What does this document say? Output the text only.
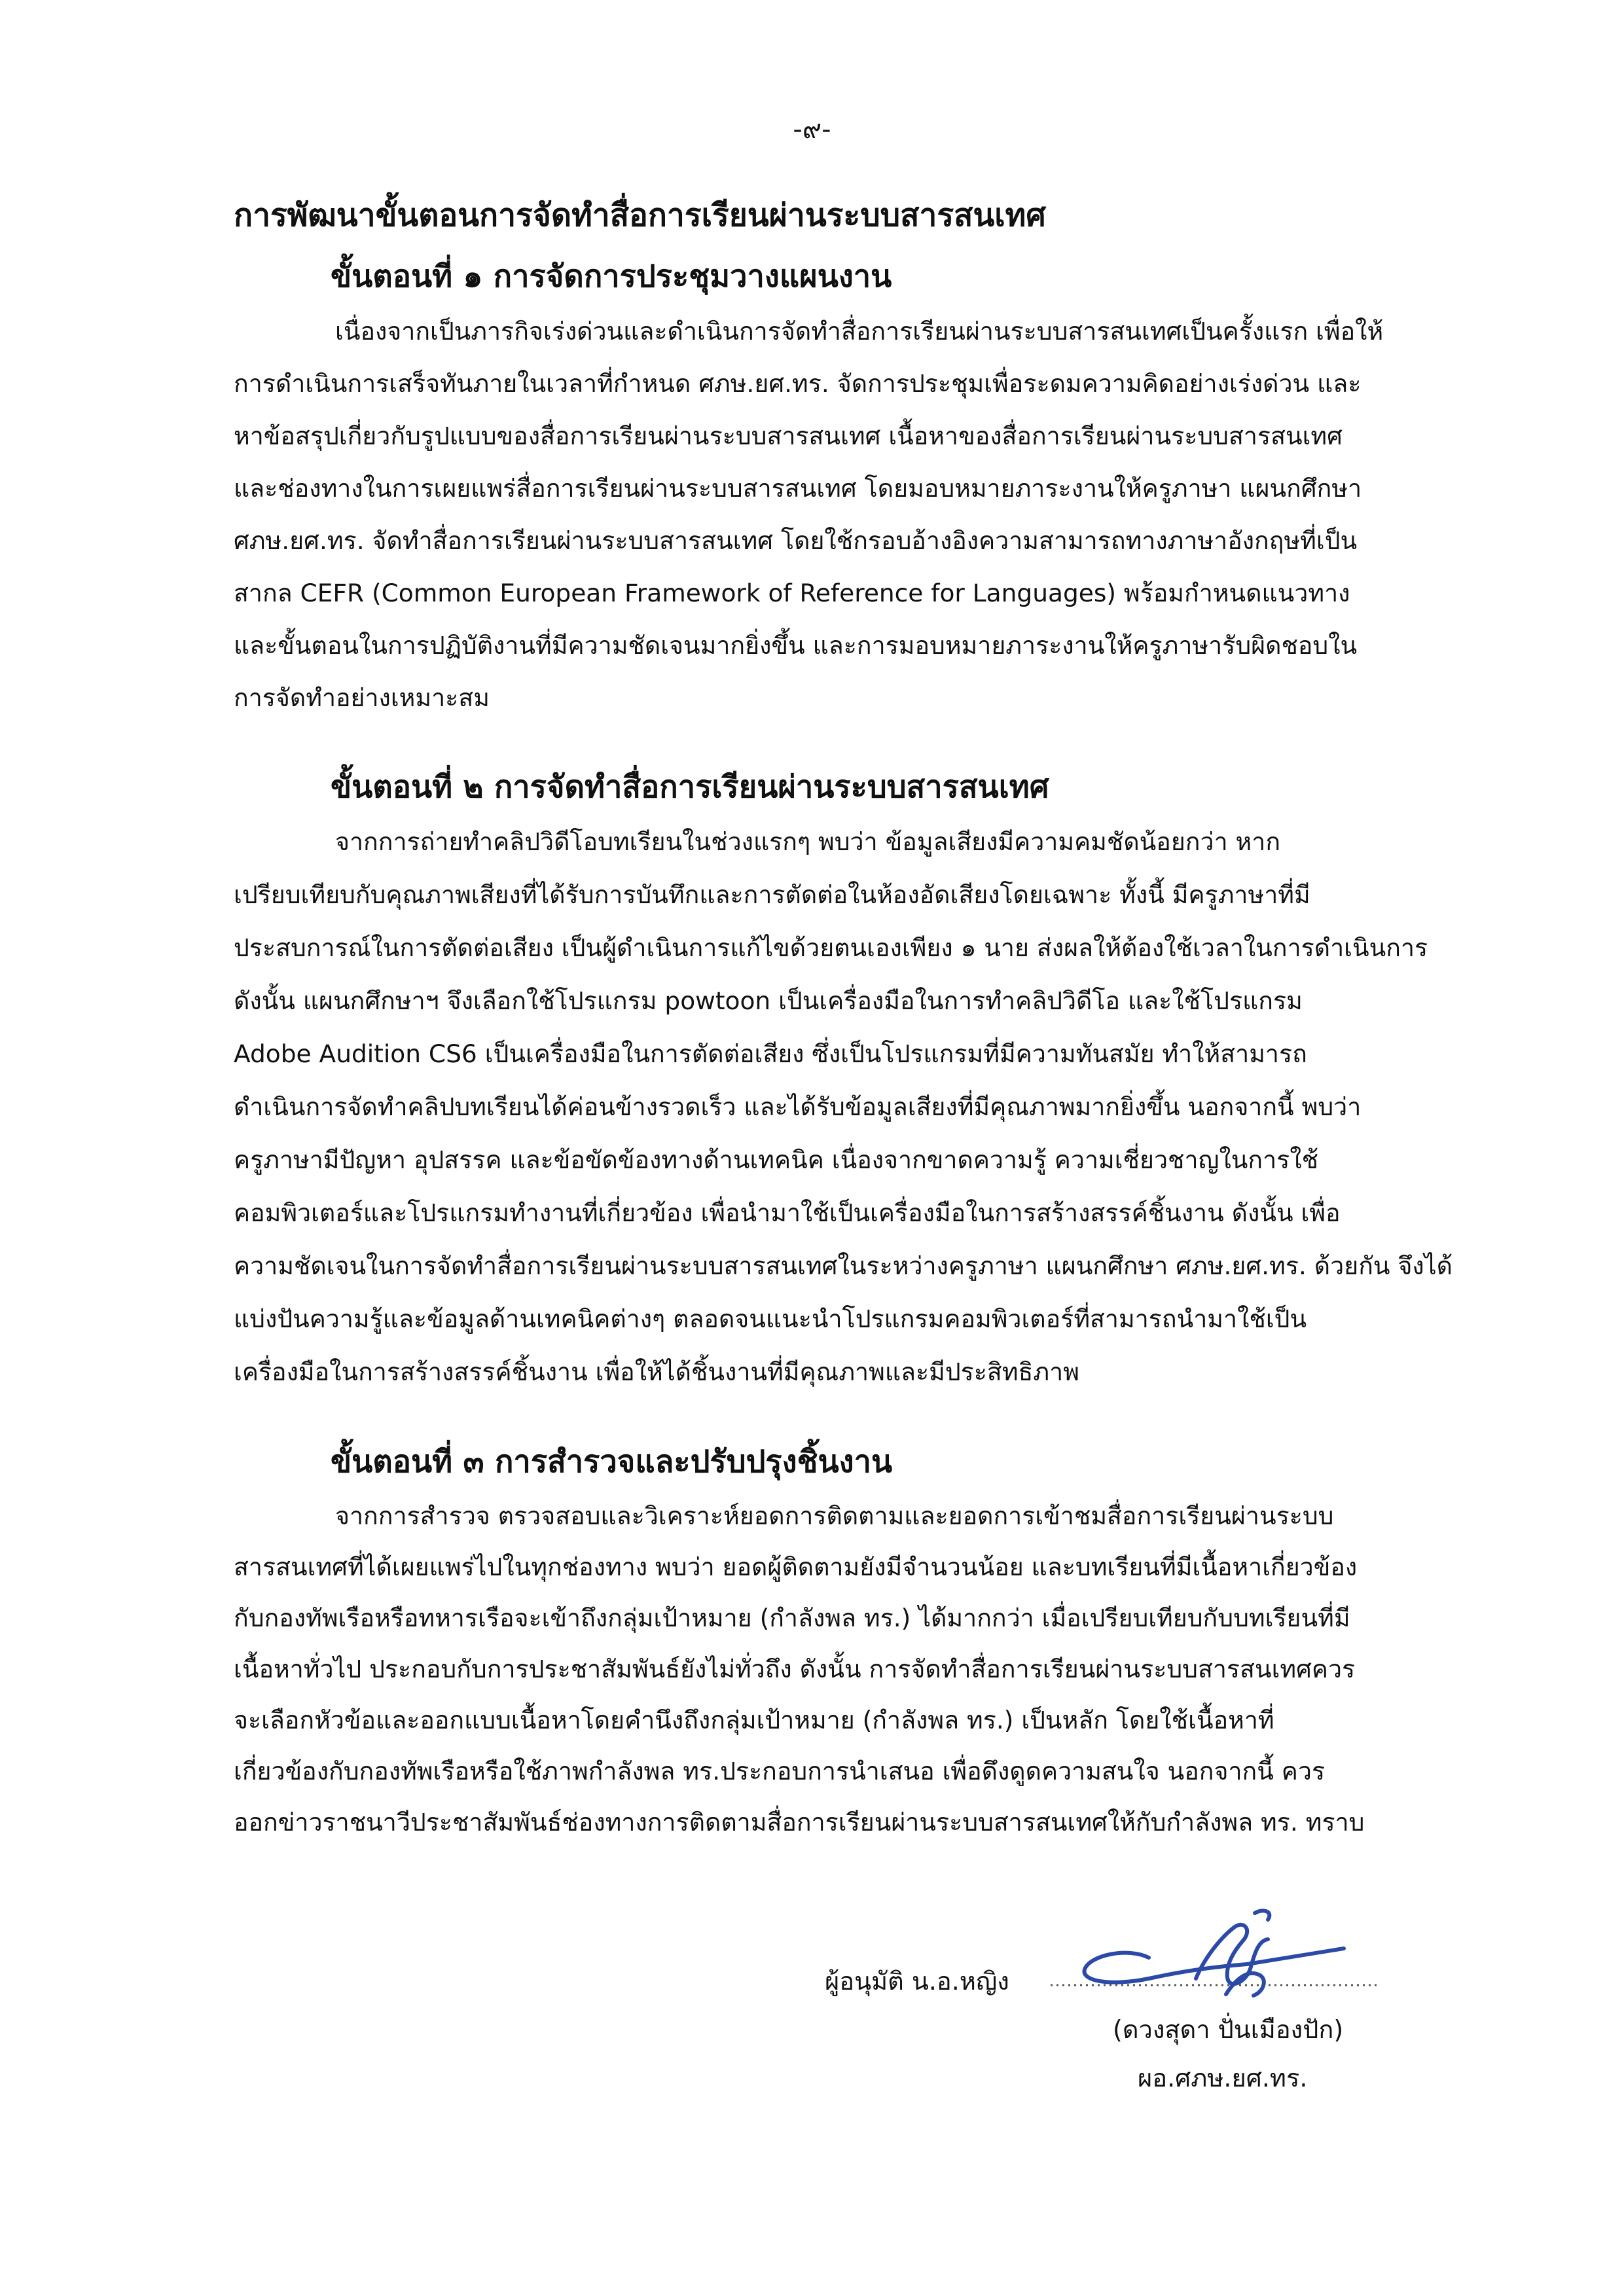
-๙-
การพัฒนาขั้นตอนการจัดทำสื่อการเรียนผ่านระบบสารสนเทศ
ขั้นตอนที่ ๑ การจัดการประชุมวางแผนงาน
เนื่องจากเป็นภารกิจเร่งด่วนและดำเนินการจัดทำสื่อการเรียนผ่านระบบสารสนเทศเป็นครั้งแรก เพื่อให้
การดำเนินการเสร็จทันภายในเวลาที่กำหนด ศภษ.ยศ.ทร. จัดการประชุมเพื่อระดมความคิดอย่างเร่งด่วน และ
หาข้อสรุปเกี่ยวกับรูปแบบของสื่อการเรียนผ่านระบบสารสนเทศ เนื้อหาของสื่อการเรียนผ่านระบบสารสนเทศ
และช่องทางในการเผยแพร่สื่อการเรียนผ่านระบบสารสนเทศ โดยมอบหมายภาระงานให้ครูภาษา แผนกศึกษา
ศภษ.ยศ.ทร. จัดทำสื่อการเรียนผ่านระบบสารสนเทศ โดยใช้กรอบอ้างอิงความสามารถทางภาษาอังกฤษที่เป็น
สากล CEFR (Common European Framework of Reference for Languages) พร้อมกำหนดแนวทาง
และขั้นตอนในการปฏิบัติงานที่มีความชัดเจนมากยิ่งขึ้น และการมอบหมายภาระงานให้ครูภาษารับผิดชอบใน
การจัดทำอย่างเหมาะสม
ขั้นตอนที่ ๒ การจัดทำสื่อการเรียนผ่านระบบสารสนเทศ
จากการถ่ายทำคลิปวิดีโอบทเรียนในช่วงแรกๆ พบว่า ข้อมูลเสียงมีความคมชัดน้อยกว่า หาก
เปรียบเทียบกับคุณภาพเสียงที่ได้รับการบันทึกและการตัดต่อในห้องอัดเสียงโดยเฉพาะ ทั้งนี้ มีครูภาษาที่มี
ประสบการณ์ในการตัดต่อเสียง เป็นผู้ดำเนินการแก้ไขด้วยตนเองเพียง ๑ นาย ส่งผลให้ต้องใช้เวลาในการดำเนินการ
ดังนั้น แผนกศึกษาฯ จึงเลือกใช้โปรแกรม powtoon เป็นเครื่องมือในการทำคลิปวิดีโอ และใช้โปรแกรม
Adobe Audition CS6 เป็นเครื่องมือในการตัดต่อเสียง ซึ่งเป็นโปรแกรมที่มีความทันสมัย ทำให้สามารถ
ดำเนินการจัดทำคลิปบทเรียนได้ค่อนข้างรวดเร็ว และได้รับข้อมูลเสียงที่มีคุณภาพมากยิ่งขึ้น นอกจากนี้ พบว่า
ครูภาษามีปัญหา อุปสรรค และข้อขัดข้องทางด้านเทคนิค เนื่องจากขาดความรู้ ความเชี่ยวชาญในการใช้
คอมพิวเตอร์และโปรแกรมทำงานที่เกี่ยวข้อง เพื่อนำมาใช้เป็นเครื่องมือในการสร้างสรรค์ชิ้นงาน ดังนั้น เพื่อ
ความชัดเจนในการจัดทำสื่อการเรียนผ่านระบบสารสนเทศในระหว่างครูภาษา แผนกศึกษา ศภษ.ยศ.ทร. ด้วยกัน จึงได้
แบ่งปันความรู้และข้อมูลด้านเทคนิคต่างๆ ตลอดจนแนะนำโปรแกรมคอมพิวเตอร์ที่สามารถนำมาใช้เป็น
เครื่องมือในการสร้างสรรค์ชิ้นงาน เพื่อให้ได้ชิ้นงานที่มีคุณภาพและมีประสิทธิภาพ
ขั้นตอนที่ ๓ การสำรวจและปรับปรุงชิ้นงาน
จากการสำรวจ ตรวจสอบและวิเคราะห์ยอดการติดตามและยอดการเข้าชมสื่อการเรียนผ่านระบบ
สารสนเทศที่ได้เผยแพร่ไปในทุกช่องทาง พบว่า ยอดผู้ติดตามยังมีจำนวนน้อย และบทเรียนที่มีเนื้อหาเกี่ยวข้อง
กับกองทัพเรือหรือทหารเรือจะเข้าถึงกลุ่มเป้าหมาย (กำลังพล ทร.) ได้มากกว่า เมื่อเปรียบเทียบกับบทเรียนที่มี
เนื้อหาทั่วไป ประกอบกับการประชาสัมพันธ์ยังไม่ทั่วถึง ดังนั้น การจัดทำสื่อการเรียนผ่านระบบสารสนเทศควร
จะเลือกหัวข้อและออกแบบเนื้อหาโดยคำนึงถึงกลุ่มเป้าหมาย (กำลังพล ทร.) เป็นหลัก โดยใช้เนื้อหาที่
เกี่ยวข้องกับกองทัพเรือหรือใช้ภาพกำลังพล ทร.ประกอบการนำเสนอ เพื่อดึงดูดความสนใจ นอกจากนี้ ควร
ออกข่าวราชนาวีประชาสัมพันธ์ช่องทางการติดตามสื่อการเรียนผ่านระบบสารสนเทศให้กับกำลังพล ทร. ทราบ
ผู้อนุมัติ น.อ.หญิง
(ดวงสุดา ปั่นเมืองปัก)
ผอ.ศภษ.ยศ.ทร.
